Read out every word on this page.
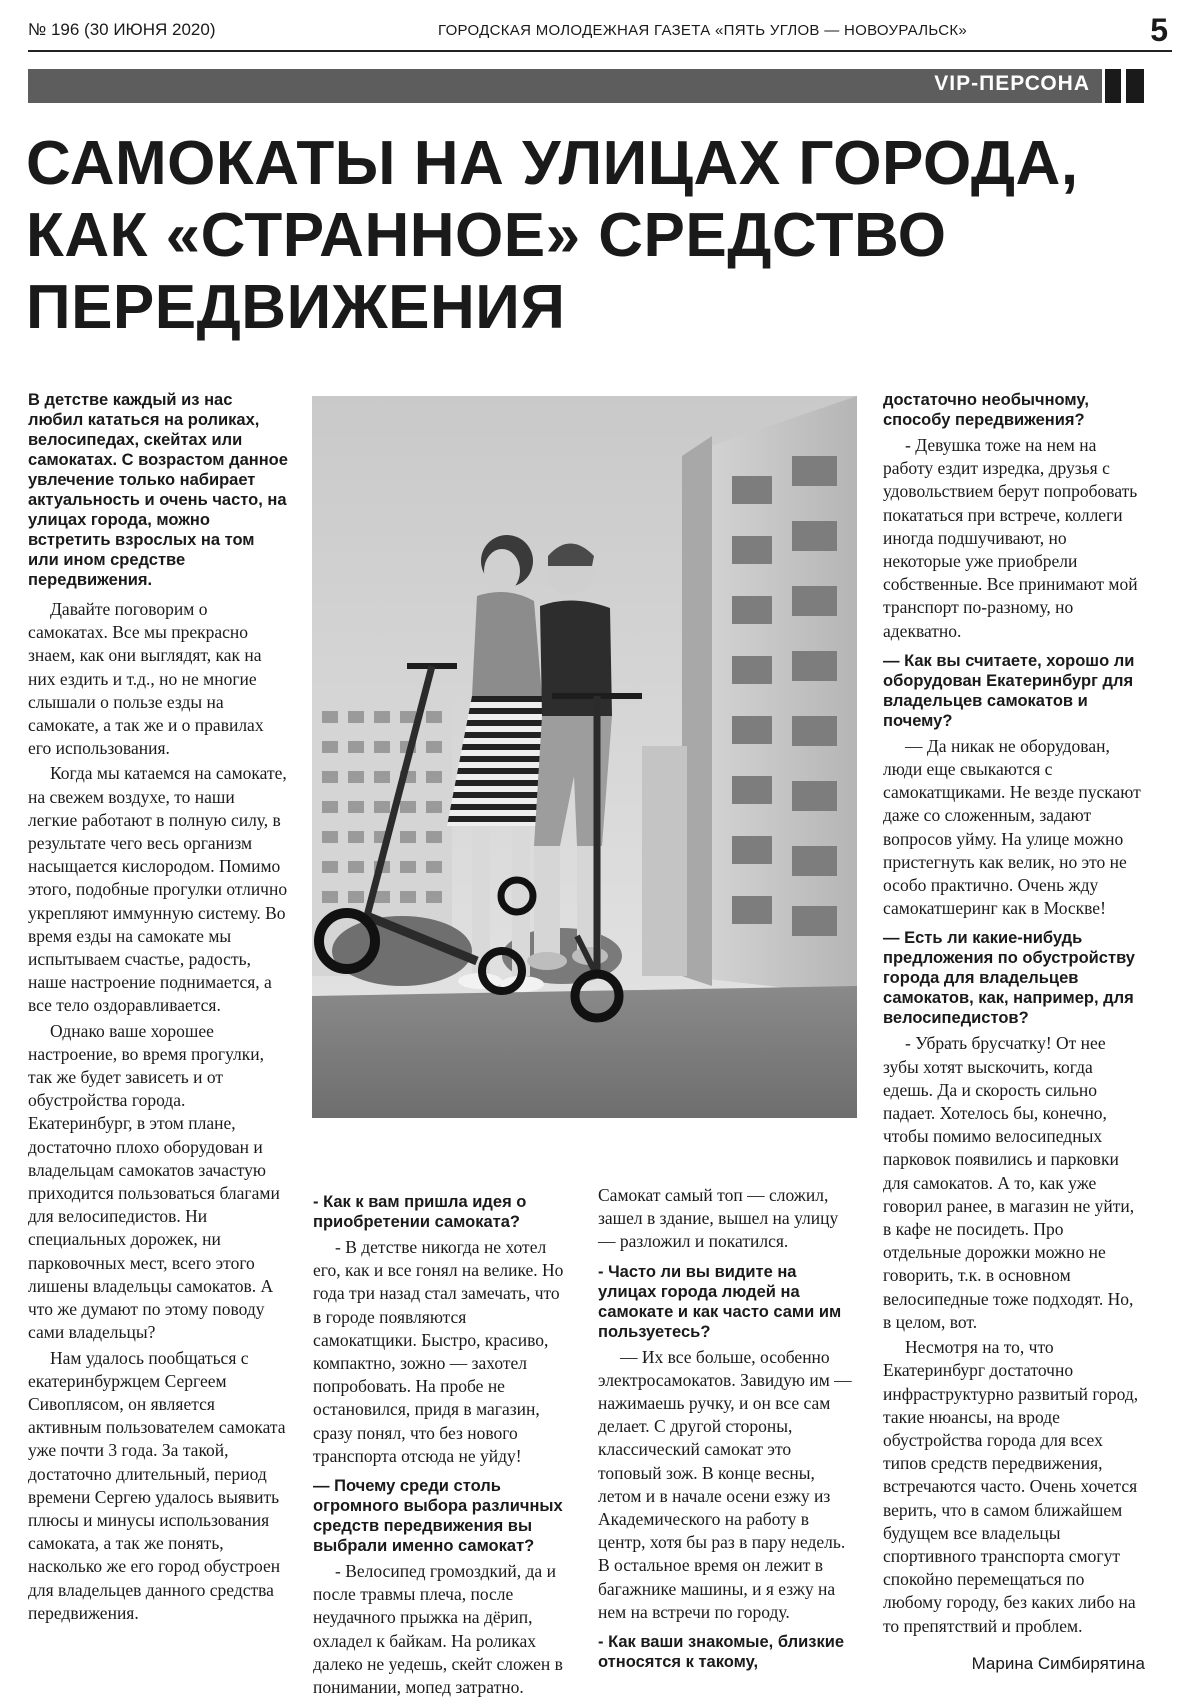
№ 196 (30 ИЮНЯ 2020)	ГОРОДСКАЯ МОЛОДЕЖНАЯ ГАЗЕТА «ПЯТЬ УГЛОВ — НОВОУРАЛЬСК»	5
VIP-ПЕРСОНА
САМОКАТЫ НА УЛИЦАХ ГОРОДА,
КАК «СТРАННОЕ» СРЕДСТВО
ПЕРЕДВИЖЕНИЯ

В детстве каждый из нас любил кататься на роликах, велосипедах, скейтах или самокатах. С возрастом данное увлечение только набирает актуальность и очень часто, на улицах города, можно встретить взрослых на том или ином средстве передвижения.

Давайте поговорим о самокатах. Все мы прекрасно знаем, как они выглядят, как на них ездить и т.д., но не многие слышали о пользе езды на самокате, а так же и о правилах его использования.

Когда мы катаемся на самокате, на свежем воздухе, то наши легкие работают в полную силу, в результате чего весь организм насыщается кислородом. Помимо этого, подобные прогулки отлично укрепляют иммунную систему. Во время езды на самокате мы испытываем счастье, радость, наше настроение поднимается, а все тело оздоравливается.

Однако ваше хорошее настроение, во время прогулки, так же будет зависеть и от обустройства города. Екатеринбург, в этом плане, достаточно плохо оборудован и владельцам самокатов зачастую приходится пользоваться благами для велосипедистов. Ни специальных дорожек, ни парковочных мест, всего этого лишены владельцы самокатов. А что же думают по этому поводу сами владельцы?

Нам удалось пообщаться с екатеринбуржцем Сергеем Сивоплясом, он является активным пользователем самоката уже почти 3 года. За такой, достаточно длительный, период времени Сергею удалось выявить плюсы и минусы использования самоката, а так же понять, насколько же его город обустроен для владельцев данного средства передвижения.

- Как к вам пришла идея о приобретении самоката?

- В детстве никогда не хотел его, как и все гонял на велике. Но года три назад стал замечать, что в городе появляются самокатщики. Быстро, красиво, компактно, зожно — захотел попробовать. На пробе не остановился, придя в магазин, сразу понял, что без нового транспорта отсюда не уйду!

— Почему среди столь огромного выбора различных средств передвижения вы выбрали именно самокат?

- Велосипед громоздкий, да и после травмы плеча, после неудачного прыжка на дёрип, охладел к байкам. На роликах далеко не уедешь, скейт сложен в понимании, мопед затратно.

Самокат самый топ — сложил, зашел в здание, вышел на улицу — разложил и покатился.

- Часто ли вы видите на улицах города людей на самокате и как часто сами им пользуетесь?

— Их все больше, особенно электросамокатов. Завидую им — нажимаешь ручку, и он все сам делает. С другой стороны, классический самокат это топовый зож. В конце весны, летом и в начале осени езжу из Академического на работу в центр, хотя бы раз в пару недель. В остальное время он лежит в багажнике машины, и я езжу на нем на встречи по городу.

- Как ваши знакомые, близкие относятся к такому,

достаточно необычному, способу передвижения?

- Девушка тоже на нем на работу ездит изредка, друзья с удовольствием берут попробовать покататься при встрече, коллеги иногда подшучивают, но некоторые уже приобрели собственные. Все принимают мой транспорт по-разному, но адекватно.

— Как вы считаете, хорошо ли оборудован Екатеринбург для владельцев самокатов и почему?

— Да никак не оборудован, люди еще свыкаются с самокатщиками. Не везде пускают даже со сложенным, задают вопросов уйму. На улице можно пристегнуть как велик, но это не особо практично. Очень жду самокатшеринг как в Москве!

— Есть ли какие-нибудь предложения по обустройству города для владельцев самокатов, как, например, для велосипедистов?

- Убрать брусчатку! От нее зубы хотят выскочить, когда едешь. Да и скорость сильно падает. Хотелось бы, конечно, чтобы помимо велосипедных парковок появились и парковки для самокатов. А то, как уже говорил ранее, в магазин не уйти, в кафе не посидеть. Про отдельные дорожки можно не говорить, т.к. в основном велосипедные тоже подходят. Но, в целом, вот.

Несмотря на то, что Екатеринбург достаточно инфраструктурно развитый город, такие нюансы, на вроде обустройства города для всех типов средств передвижения, встречаются часто. Очень хочется верить, что в самом ближайшем будущем все владельцы спортивного транспорта смогут спокойно перемещаться по любому городу, без каких либо на то препятствий и проблем.

Марина Симбирятина
